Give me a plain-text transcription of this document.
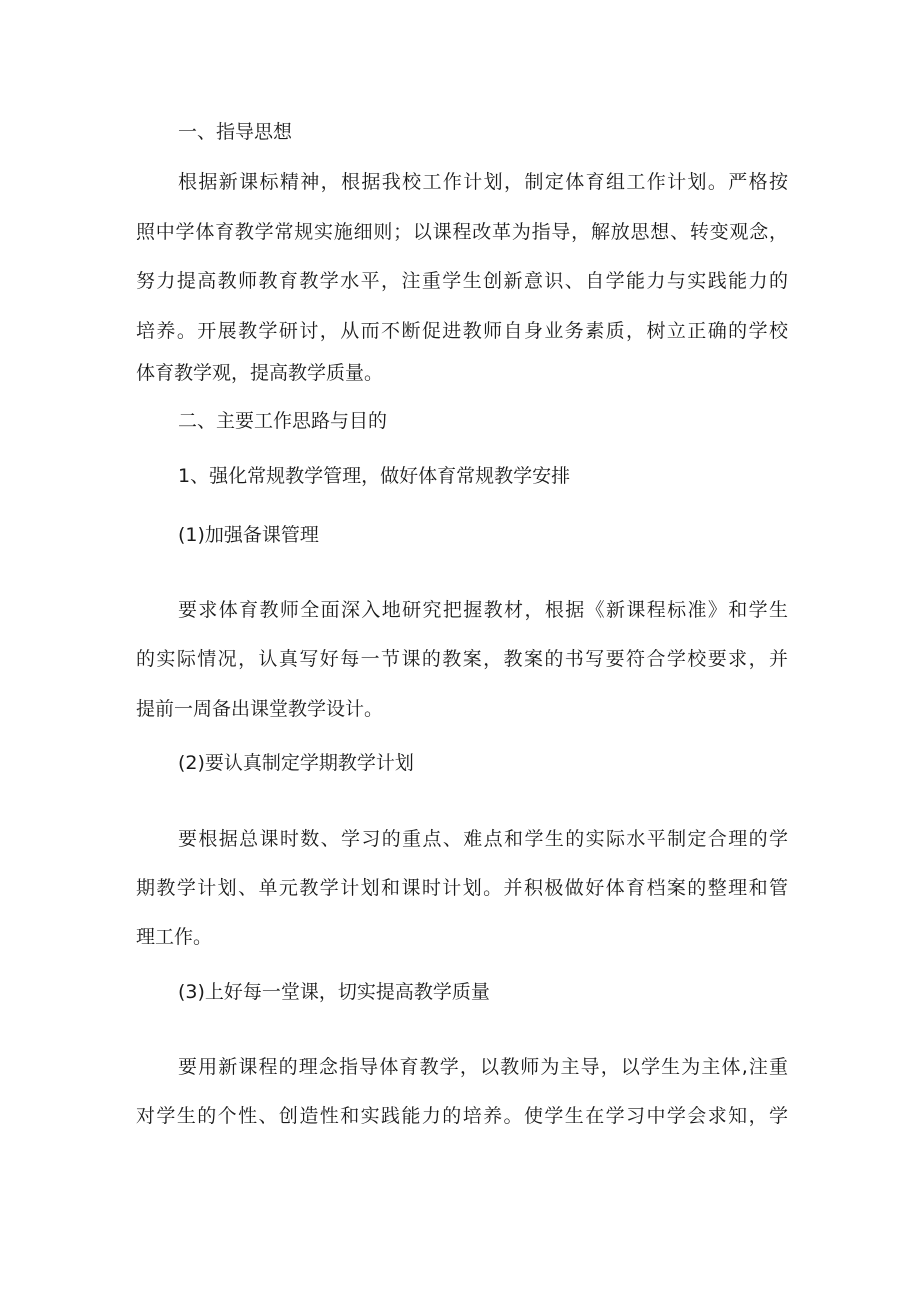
一、指导思想
根据新课标精神，根据我校工作计划，制定体育组工作计划。严格按
照中学体育教学常规实施细则；以课程改革为指导，解放思想、转变观念，
努力提高教师教育教学水平，注重学生创新意识、自学能力与实践能力的
培养。开展教学研讨，从而不断促进教师自身业务素质，树立正确的学校
体育教学观，提高教学质量。
二、主要工作思路与目的
1、强化常规教学管理，做好体育常规教学安排
(1)加强备课管理
要求体育教师全面深入地研究把握教材，根据《新课程标准》和学生
的实际情况，认真写好每一节课的教案，教案的书写要符合学校要求，并
提前一周备出课堂教学设计。
(2)要认真制定学期教学计划
要根据总课时数、学习的重点、难点和学生的实际水平制定合理的学
期教学计划、单元教学计划和课时计划。并积极做好体育档案的整理和管
理工作。
(3)上好每一堂课，切实提高教学质量
要用新课程的理念指导体育教学，以教师为主导，以学生为主体,注重
对学生的个性、创造性和实践能力的培养。使学生在学习中学会求知，学
